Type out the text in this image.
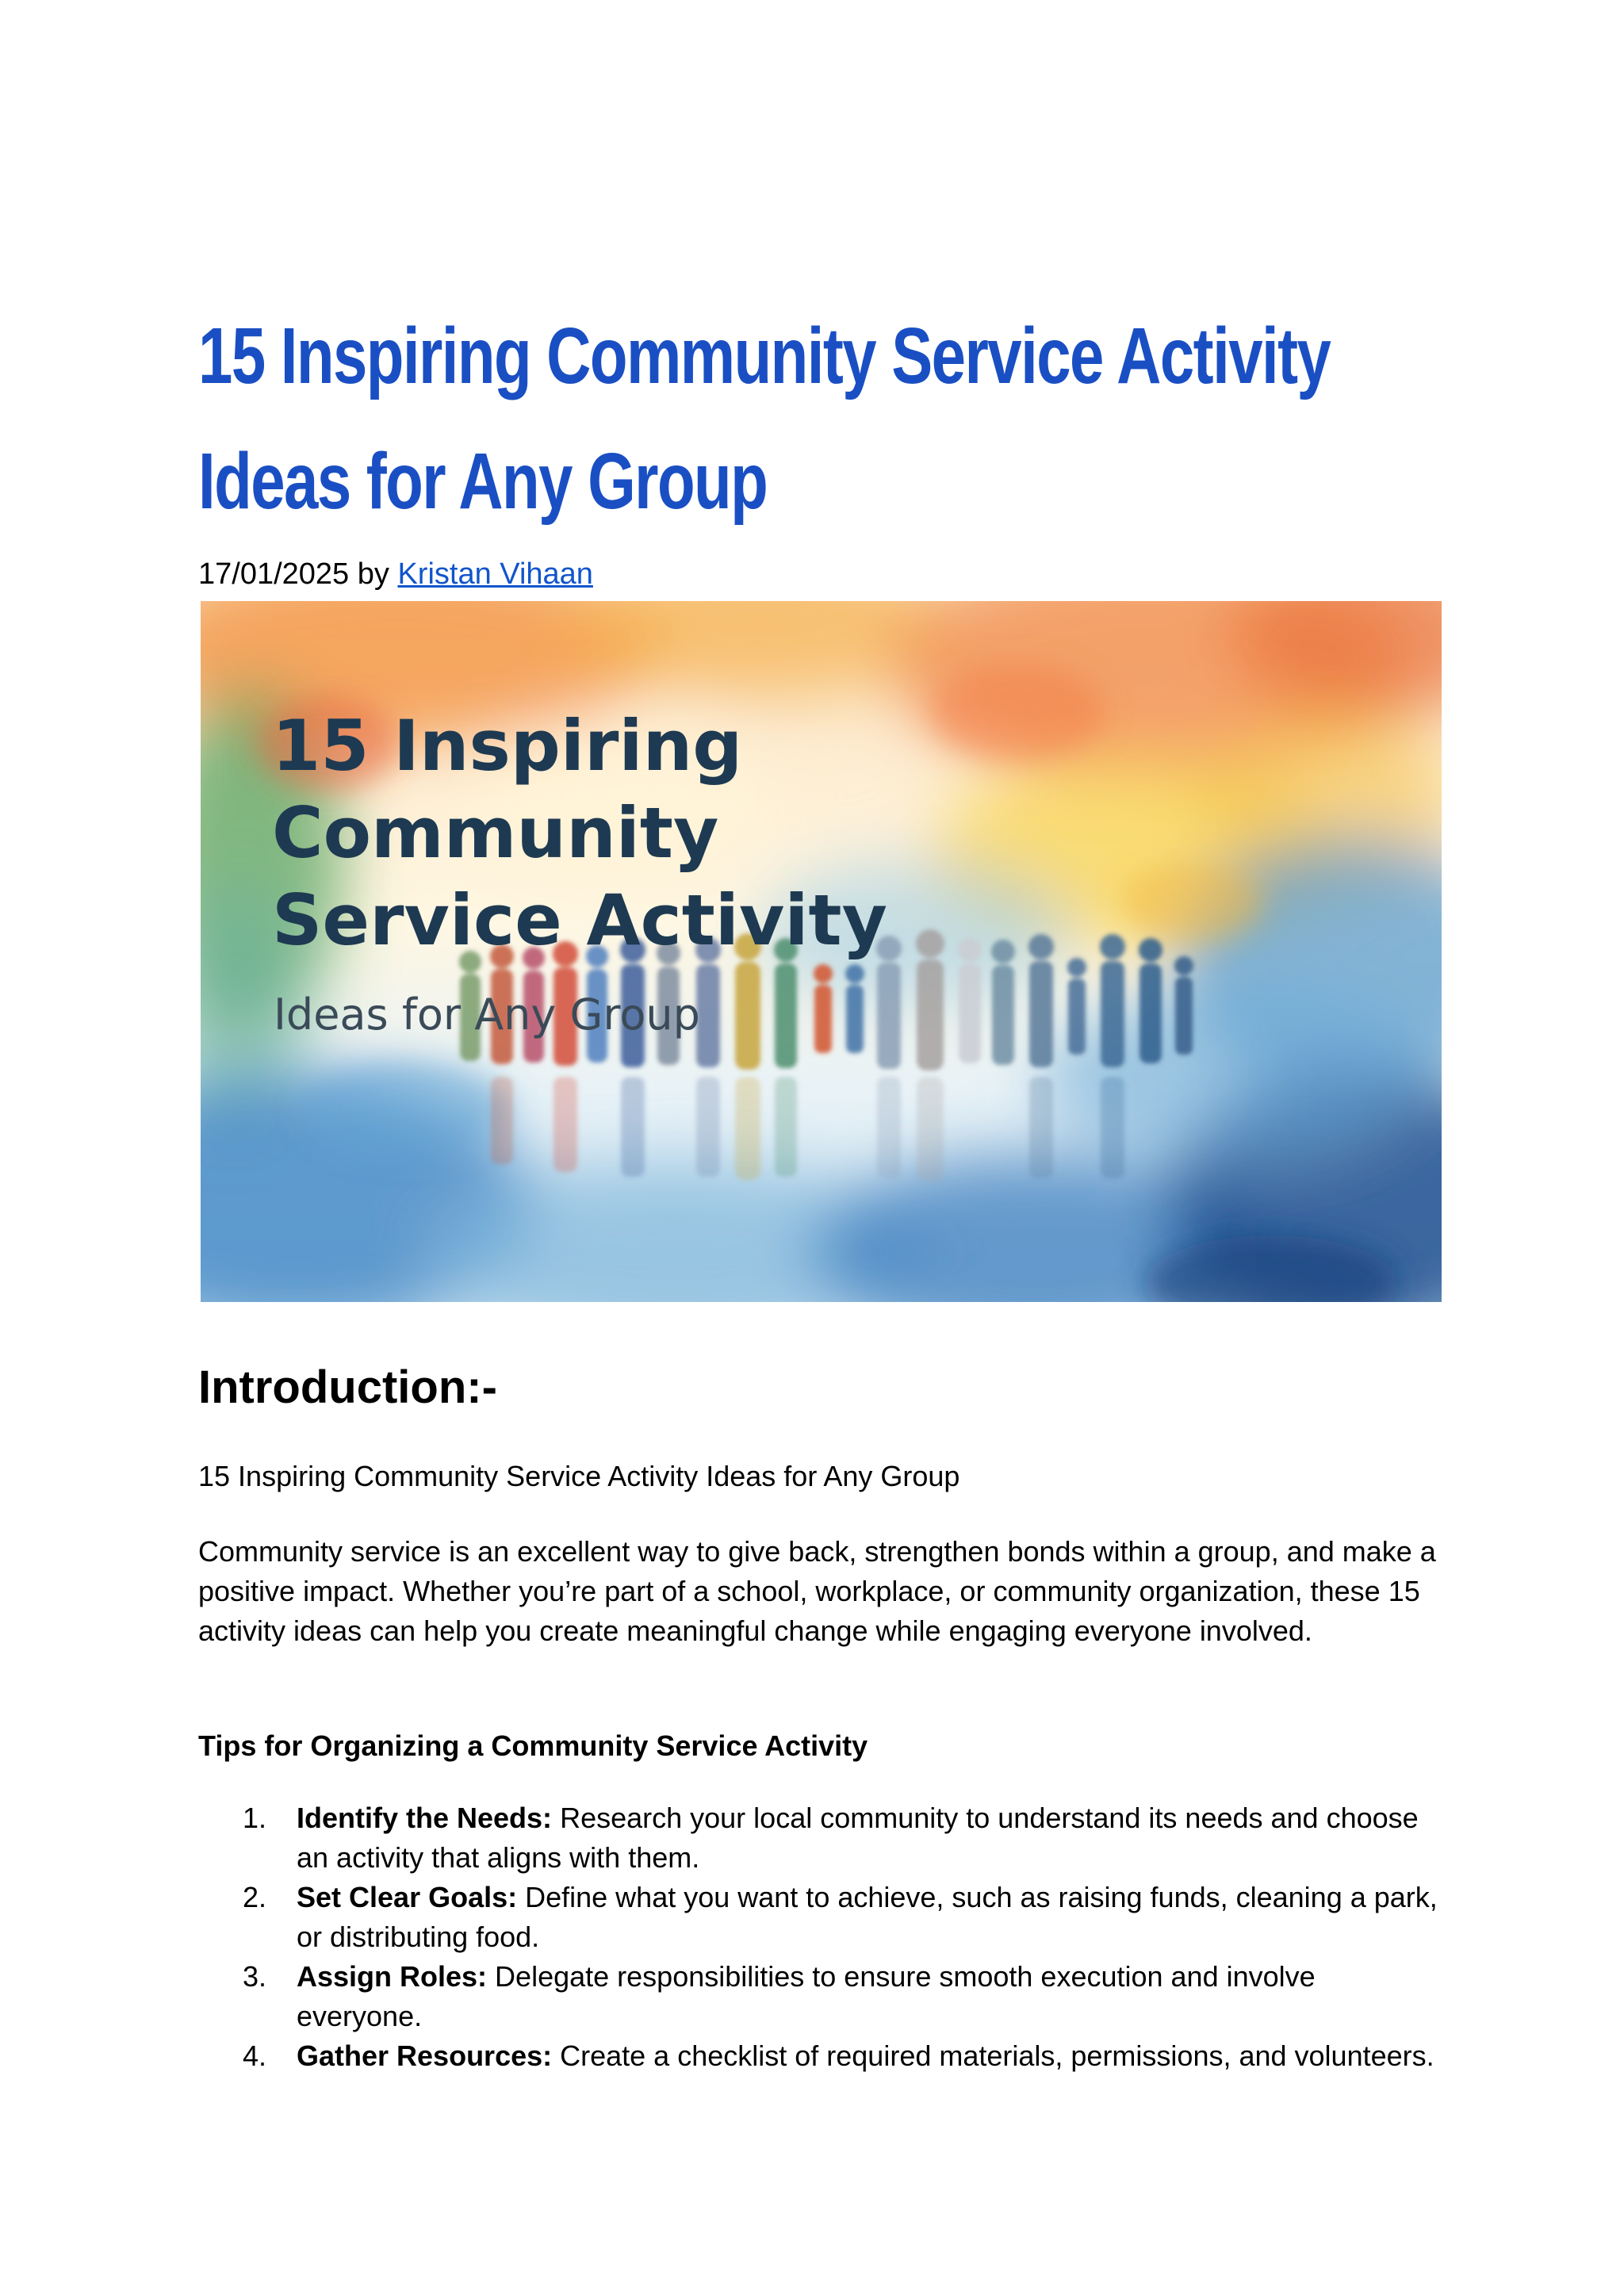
15 Inspiring Community Service Activity
Ideas for Any Group
17/01/2025 by Kristan Vihaan
15 Inspiring
Community
Service Activity
Ideas for Any Group
Introduction:-

15 Inspiring Community Service Activity Ideas for Any Group

Community service is an excellent way to give back, strengthen bonds within a group, and make a positive impact. Whether you’re part of a school, workplace, or community organization, these 15 activity ideas can help you create meaningful change while engaging everyone involved.

Tips for Organizing a Community Service Activity

1. Identify the Needs: Research your local community to understand its needs and choose an activity that aligns with them.
2. Set Clear Goals: Define what you want to achieve, such as raising funds, cleaning a park, or distributing food.
3. Assign Roles: Delegate responsibilities to ensure smooth execution and involve everyone.
4. Gather Resources: Create a checklist of required materials, permissions, and volunteers.
